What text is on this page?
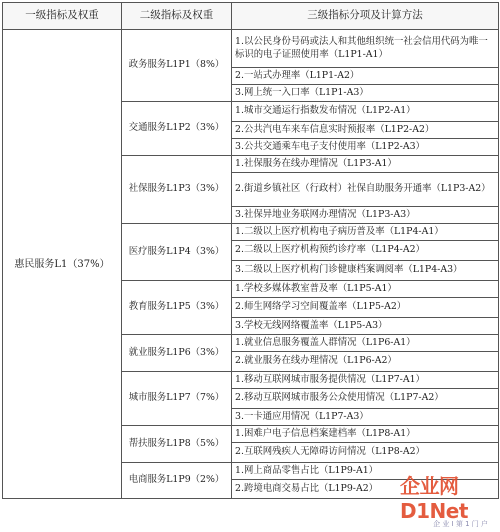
一级指标及权重	二级指标及权重	三级指标分项及计算方法
惠民服务L1（37%）	政务服务L1P1（8%）	1.以公民身份号码或法人和其他组织统一社会信用代码为唯一标识的电子证照使用率（L1P1-A1）
		2.一站式办理率（L1P1-A2）
		3.网上统一入口率（L1P1-A3）
	交通服务L1P2（3%）	1.城市交通运行指数发布情况（L1P2-A1）
		2.公共汽电车来车信息实时预报率（L1P2-A2）
		3.公共交通乘车电子支付使用率（L1P2-A3）
	社保服务L1P3（3%）	1.社保服务在线办理情况（L1P3-A1）
		2.街道乡镇社区（行政村）社保自助服务开通率（L1P3-A2）
		3.社保异地业务联网办理情况（L1P3-A3）
	医疗服务L1P4（3%）	1.二级以上医疗机构电子病历普及率（L1P4-A1）
		2.二级以上医疗机构预约诊疗率（L1P4-A2）
		3.二级以上医疗机构门诊健康档案调阅率（L1P4-A3）
	教育服务L1P5（3%）	1.学校多媒体教室普及率（L1P5-A1）
		2.师生网络学习空间覆盖率（L1P5-A2）
		3.学校无线网络覆盖率（L1P5-A3）
	就业服务L1P6（3%）	1.就业信息服务覆盖人群情况（L1P6-A1）
		2.就业服务在线办理情况（L1P6-A2）
	城市服务L1P7（7%）	1.移动互联网城市服务提供情况（L1P7-A1）
		2.移动互联网城市服务公众使用情况（L1P7-A2）
		3.一卡通应用情况（L1P7-A3）
	帮扶服务L1P8（5%）	1.困难户电子信息档案建档率（L1P8-A1）
		2.互联网残疾人无障碍访问情况（L1P8-A2）
	电商服务L1P9（2%）	1.网上商品零售占比（L1P9-A1）
		2.跨境电商交易占比（L1P9-A2） 企业网D1Net
企 业 I 第 1 门 户
